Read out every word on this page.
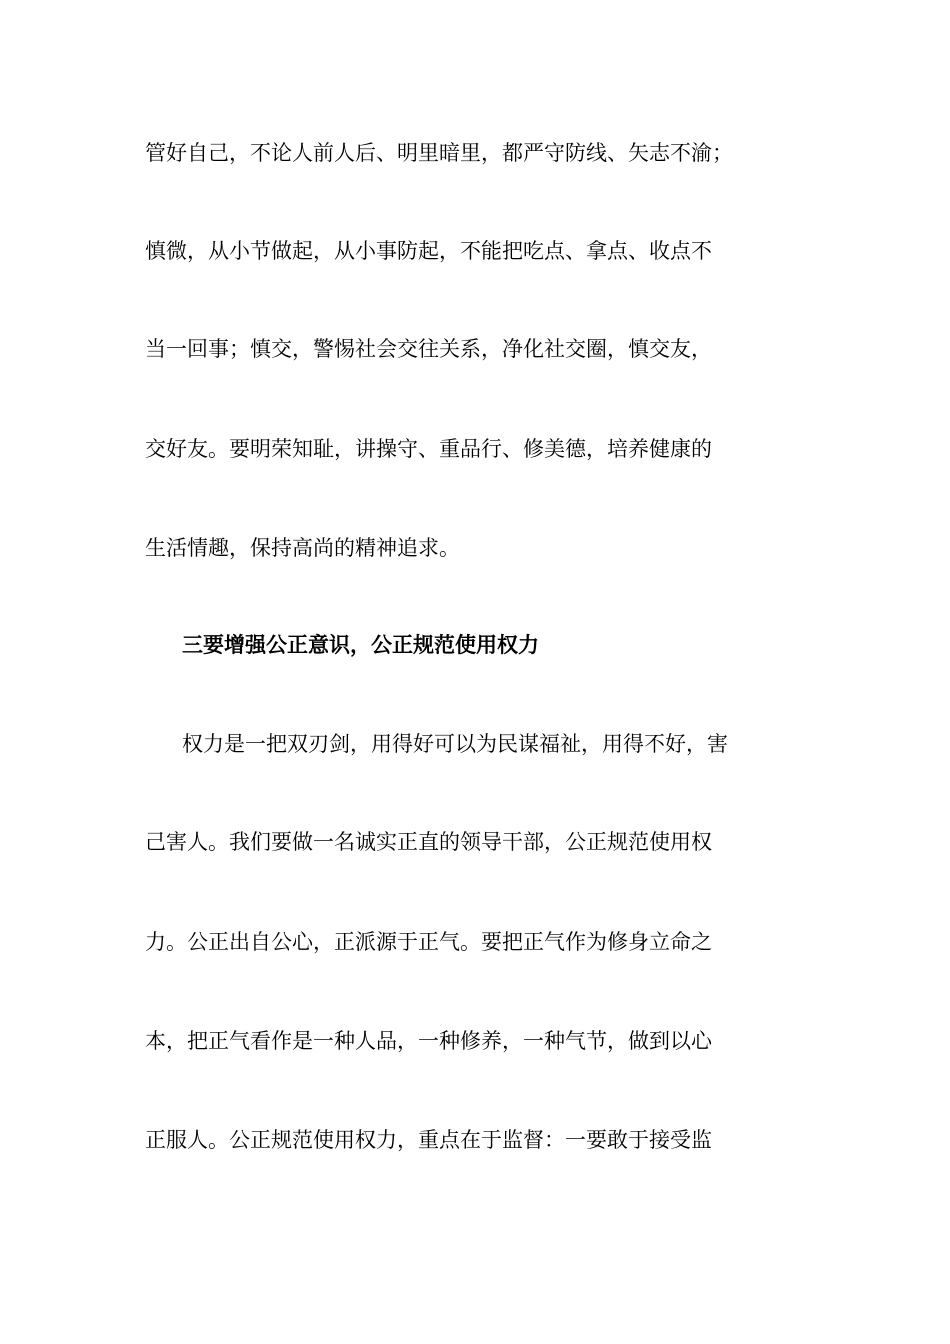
管好自己，不论人前人后、明里暗里，都严守防线、矢志不渝；

慎微，从小节做起，从小事防起，不能把吃点、拿点、收点不

当一回事；慎交，警惕社会交往关系，净化社交圈，慎交友，

交好友。要明荣知耻，讲操守、重品行、修美德，培养健康的

生活情趣，保持高尚的精神追求。

三要增强公正意识，公正规范使用权力

权力是一把双刃剑，用得好可以为民谋福祉，用得不好，害

己害人。我们要做一名诚实正直的领导干部，公正规范使用权

力。公正出自公心，正派源于正气。要把正气作为修身立命之

本，把正气看作是一种人品，一种修养，一种气节，做到以心

正服人。公正规范使用权力，重点在于监督：一要敢于接受监
